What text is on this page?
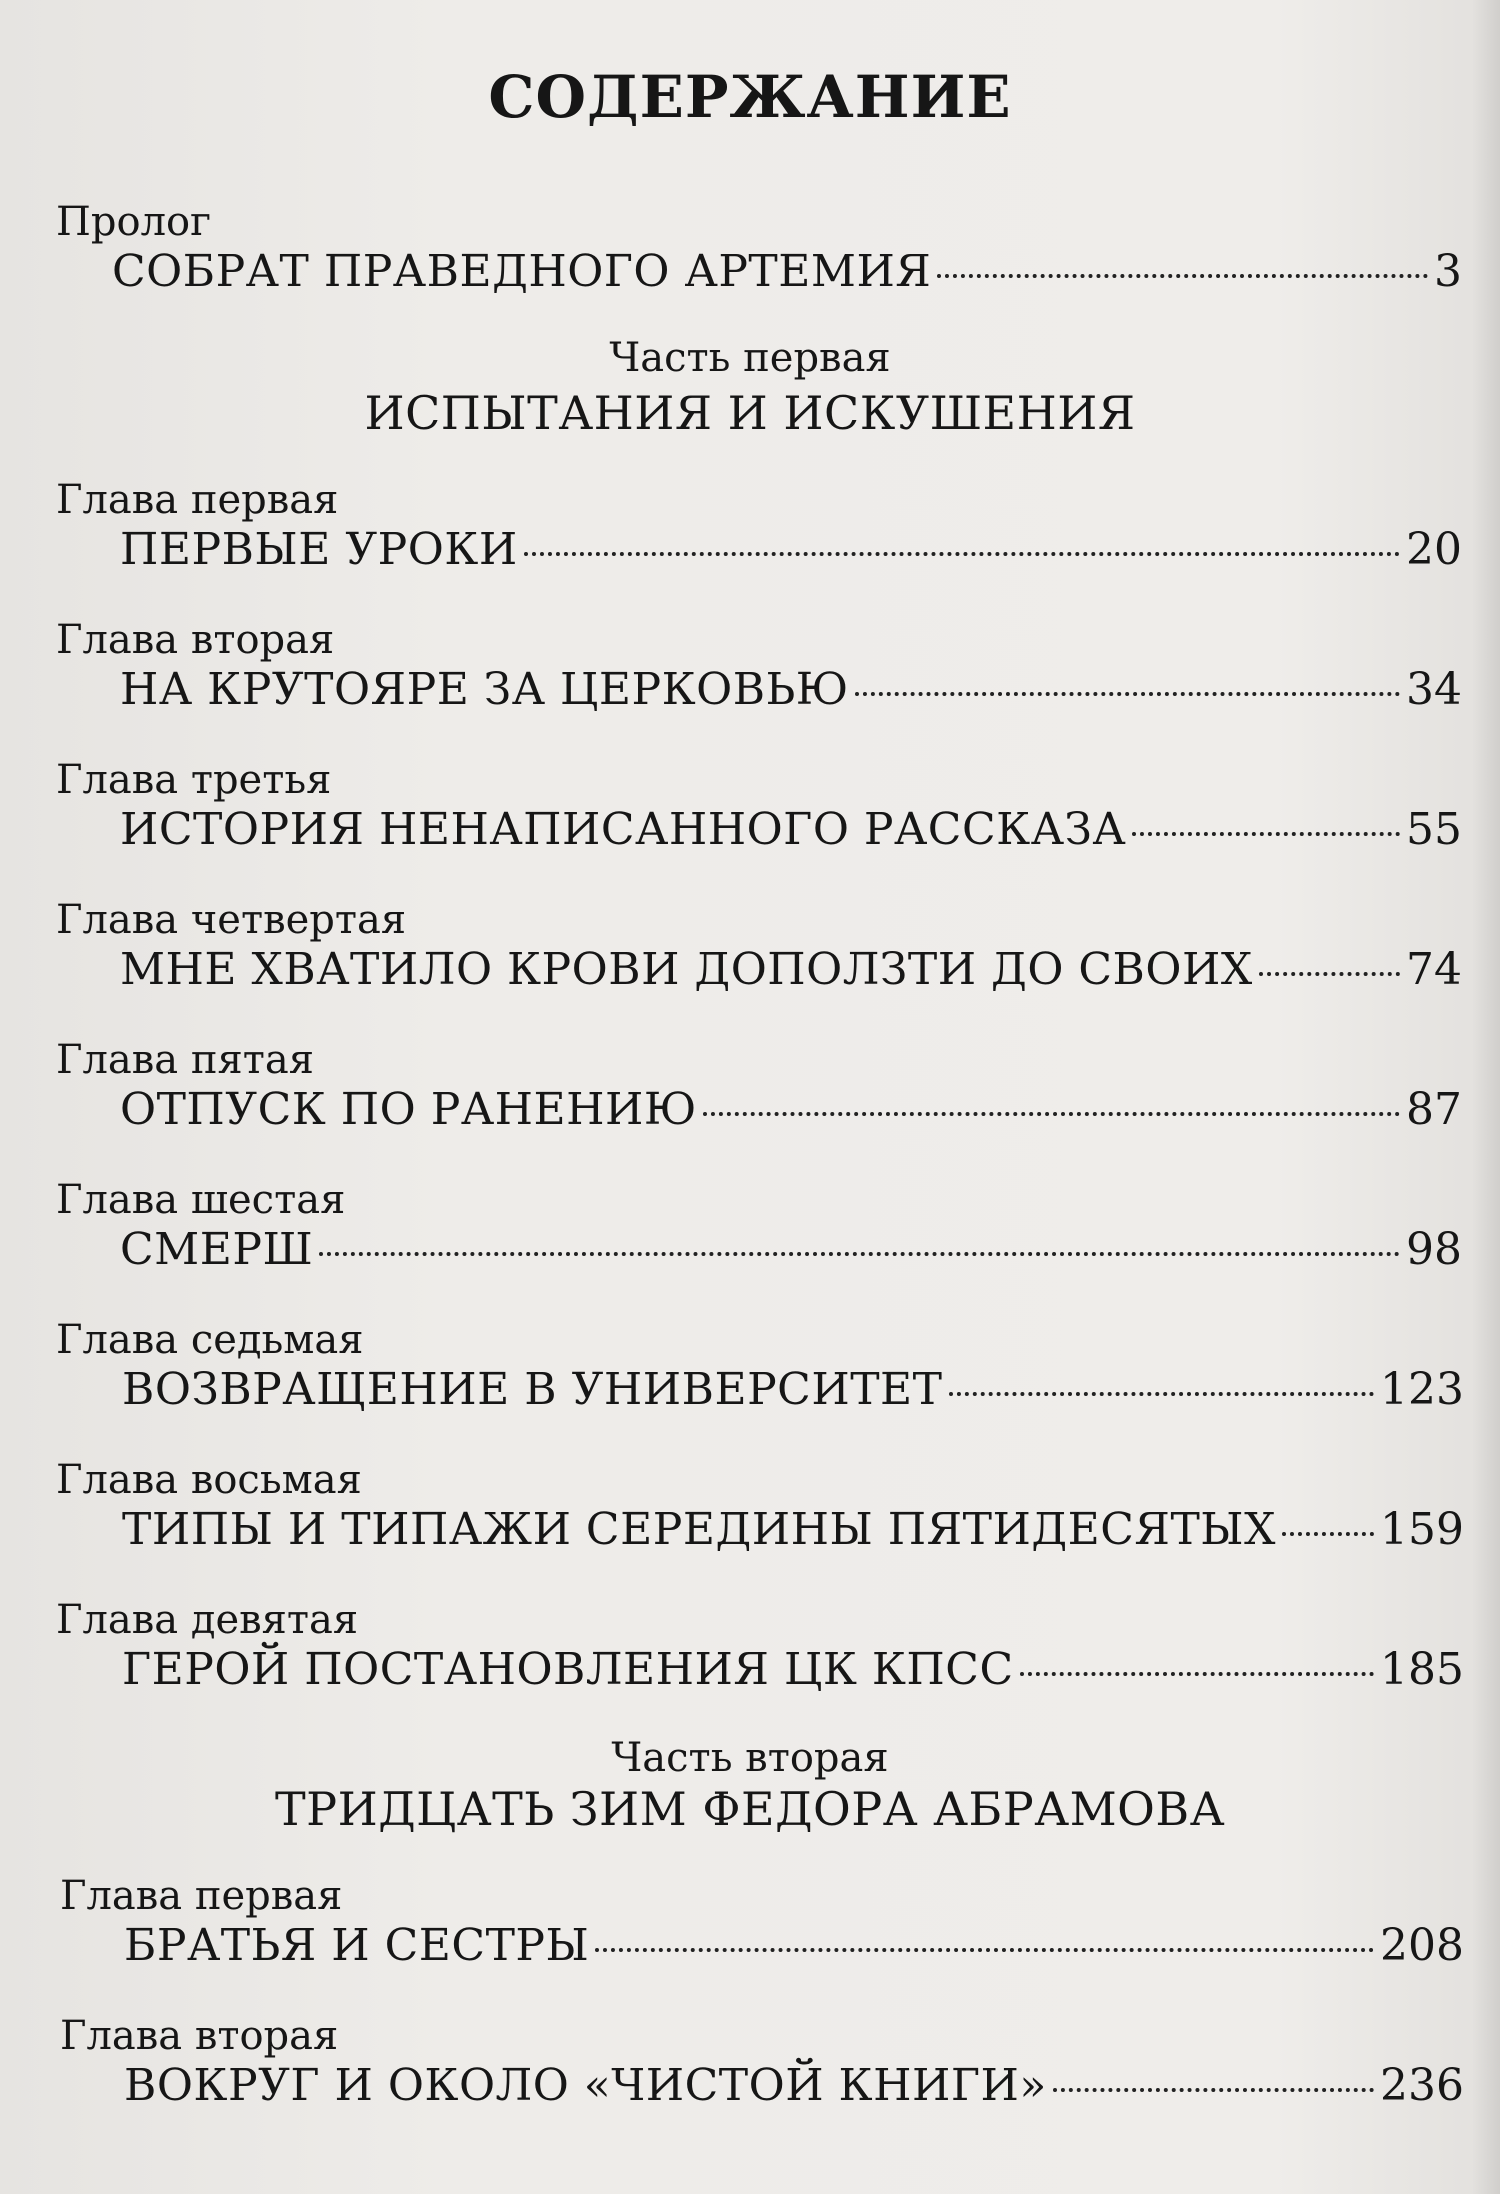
СОДЕРЖАНИЕ
Пролог
СОБРАТ ПРАВЕДНОГО АРТЕМИЯ	3
Часть первая
ИСПЫТАНИЯ И ИСКУШЕНИЯ
Глава первая
ПЕРВЫЕ УРОКИ	20
Глава вторая
НА КРУТОЯРЕ ЗА ЦЕРКОВЬЮ	34
Глава третья
ИСТОРИЯ НЕНАПИСАННОГО РАССКАЗА	55
Глава четвертая
МНЕ ХВАТИЛО КРОВИ ДОПОЛЗТИ ДО СВОИХ	74
Глава пятая
ОТПУСК ПО РАНЕНИЮ	87
Глава шестая
СМЕРШ	98
Глава седьмая
ВОЗВРАЩЕНИЕ В УНИВЕРСИТЕТ	123
Глава восьмая
ТИПЫ И ТИПАЖИ СЕРЕДИНЫ ПЯТИДЕСЯТЫХ 159
Глава девятая
ГЕРОЙ ПОСТАНОВЛЕНИЯ ЦК КПСС	185
Часть вторая
ТРИДЦАТЬ ЗИМ ФЕДОРА АБРАМОВА
Глава первая
БРАТЬЯ И СЕСТРЫ	208
Глава вторая
ВОКРУГ И ОКОЛО «ЧИСТОЙ КНИГИ»	236
